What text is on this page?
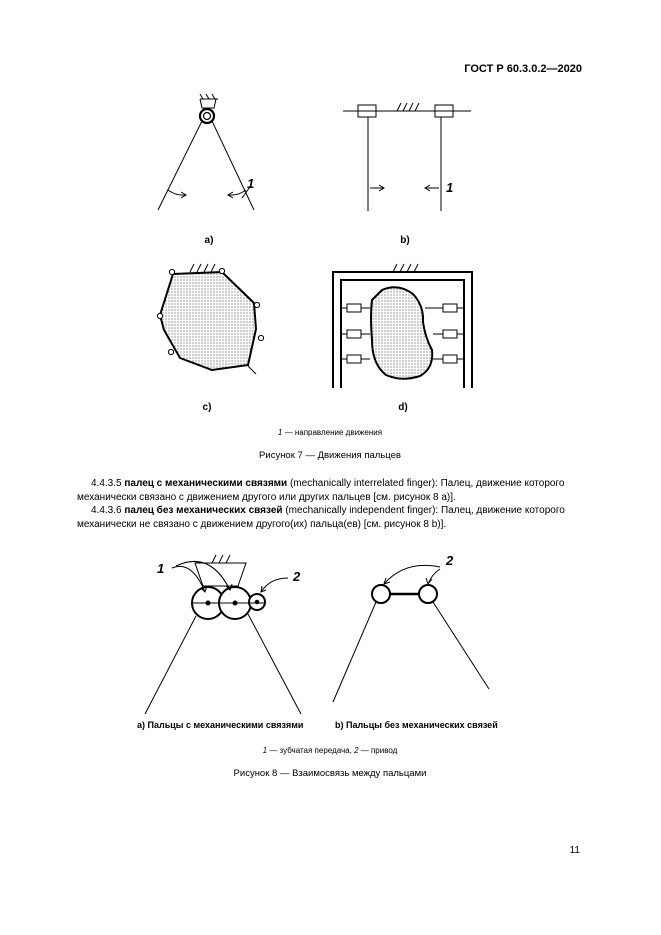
ГОСТ Р 60.3.0.2—2020
1	1
a)	b)
c)	d)
1 — направление движения
Рисунок 7 — Движения пальцев
4.4.3.5 палец с механическими связями (mechanically interrelated finger): Палец, движение которого механически связано с движением другого или других пальцев [см. рисунок 8 a)].
4.4.3.6 палец без механических связей (mechanically independent finger): Палец, движение которого механически не связано с движением другого(их) пальца(ев) [см. рисунок 8 b)].
1
2
2
a) Пальцы с механическими связями	b) Пальцы без механических связей
1 — зубчатая передача, 2 — привод
Рисунок 8 — Взаимосвязь между пальцами
11
